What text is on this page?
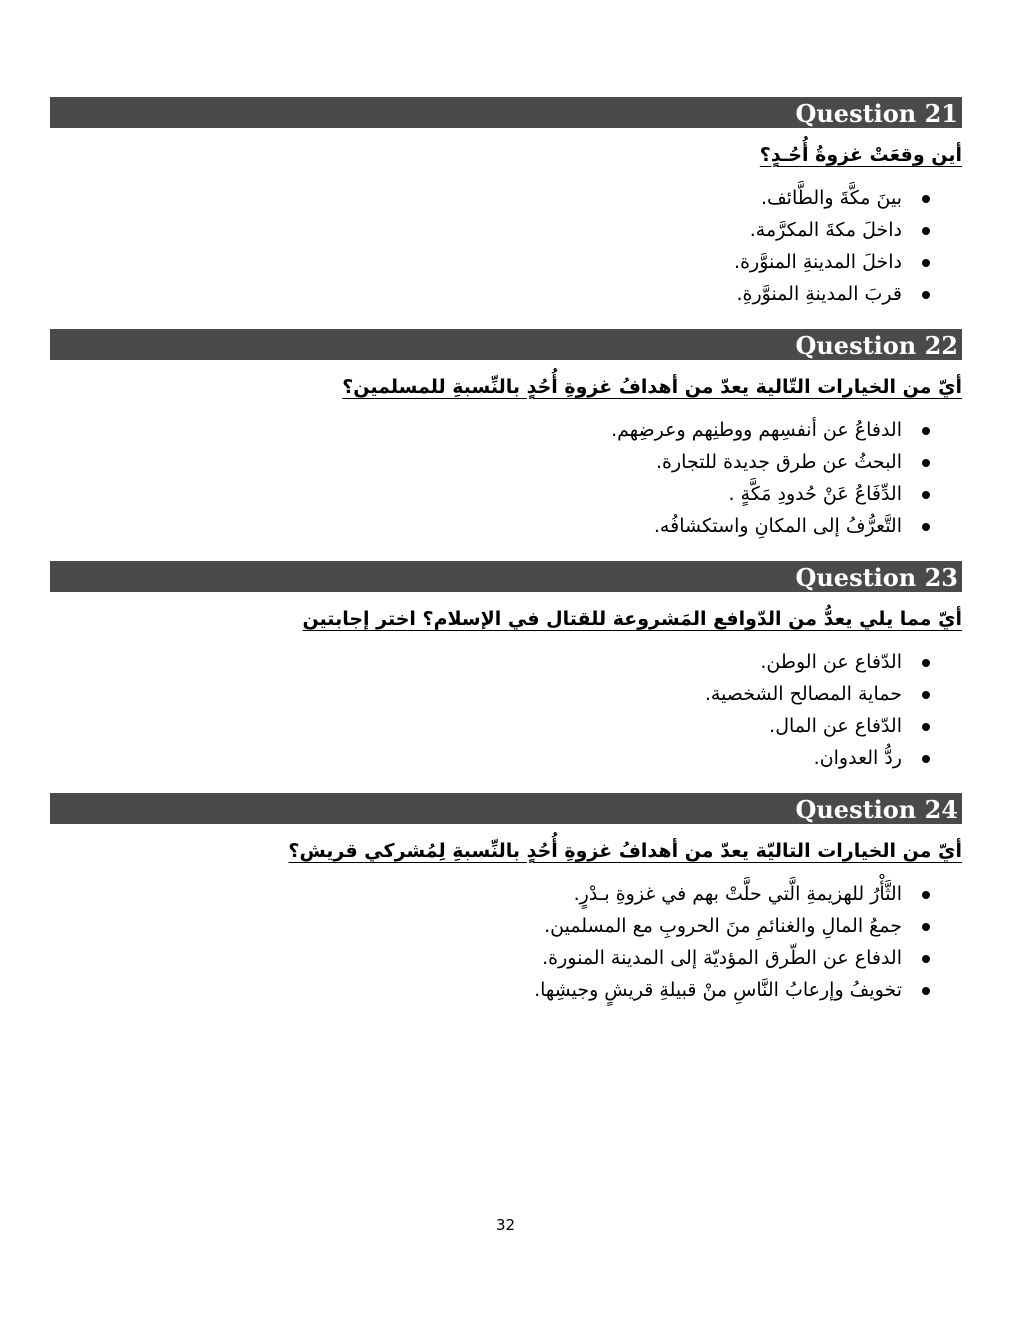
Question 21
أين وقعَتْ غزوةُ أُحُـدٍ؟
بينَ مكَّةَ والطَّائف.
داخلَ مكةَ المكرَّمة.
داخلَ المدينةِ المنوَّرة.
قربَ المدينةِ المنوَّرةِ.
Question 22
أيّ من الخيارات التّالية يعدّ من أهدافُ غزوةِ أُحُدٍ بالنِّسبةِ للمسلمين؟
الدفاعُ عن أنفسِهم ووطنِهم وعرضِهم.
البحثُ عن طرق جديدة للتجارة.
الدِّفَاعُ عَنْ حُدودِ مَكَّةٍ .
التَّعرُّفُ إلى المكانِ واستكشافُه.
Question 23
أيّ مما يلي يعدُّ من الدّوافع المَشروعة للقتال في الإسلام؟ اختر إجابتين
الدّفاع عن الوطن.
حماية المصالح الشخصية.
الدّفاع عن المال.
ردُّ العدوان.
Question 24
أيّ من الخيارات التاليّة يعدّ من أهدافُ غزوةِ أُحُدٍ بالنِّسبةِ لِمُشركي قريش؟
الثَّأْرُ للهزيمةِ الَّتي حلَّتْ بهم في غزوةِ بـدْرٍ.
جمعُ المالِ والغنائمِ منَ الحروبِ مع المسلمين.
الدفاع عن الطّرق المؤديّة إلى المدينة المنورة.
تخويفُ وإرعابُ النَّاسِ منْ قبيلةِ قريشٍ وجيشِها.
32
